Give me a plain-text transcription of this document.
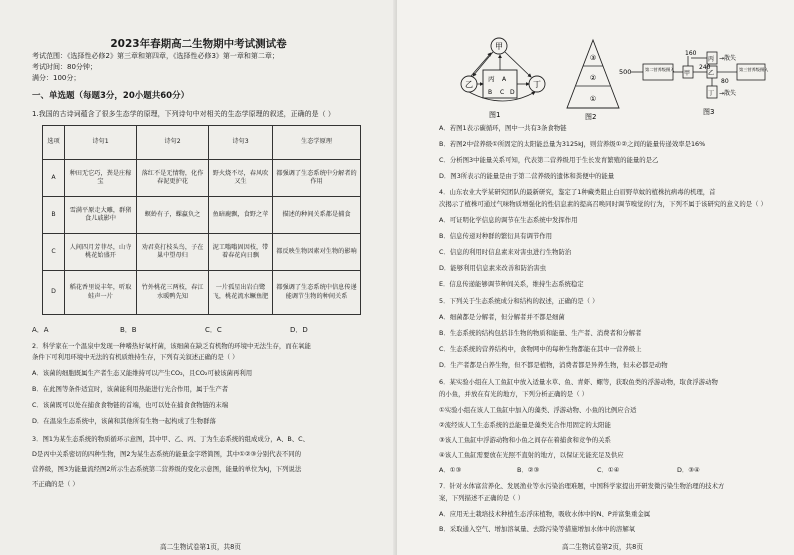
2023年春期高二生物期中考试测试卷
考试范围：《选择性必修2》第三章和第四章，《选择性必修3》第一章和第二章；
考试时间：80分钟；
满分：100分；
一、单选题（每题3分，20小题共60分）
1.我国的古诗词蕴含了很多生态学的原理，下列诗句中对相关的生态学原理的叙述，正确的是（ ）
选项	诗句1	诗句2	诗句3	生态学原理
A	种田无它巧，粪是庄稼宝	落红不是无情物，化作春泥更护花	野火烧不尽，春风吹又生	都强调了生态系统中分解者的作用
B	雪满平原走大雕，群猪食儿戚影中	螟蛉有子，蜾蠃负之	鱼暗鹿飘，食野之苹	描述的种间关系都是捕食
C	人间四月芳菲尽，山寺桃花始盛开	劝君莫打枝头鸟，子在巢中望母归	泥工嗡嗡固因枝，带着春花向日飘	都反映生物因素对生物的影响
D	稻花香里说丰年，听取蛙声一片	竹外桃花三两枝，春江水暖鸭先知	一片孤星出岩白鹭飞，桃花流水鳜鱼肥	都强调了生态系统中信息传递能调节生物的种间关系
A．A	B．B	C．C	D．D
2．科学家在一个温泉中发现一种嗜热好氧杆菌，该细菌在缺乏有机物的环境中无法生存，而在氧能
条件下可利用环境中无法的有机质维持生存，下列有关叙述正确的是（ ）
A．该菌的细胞既属生产者生态又能维持可以产生CO₂，且CO₂可被该菌再利用
B．在此图等条件适宜时，该菌能利用热能进行光合作用，属于生产者
C．该菌既可以处在捕食食物链的首端，也可以处在捕食食物链的末端
D．在温泉生态系统中，该菌和其他所有生物一起构成了生物群落
3．图1为某生态系统的物质循环示意图，其中甲、乙、丙、丁为生态系统的组成成分，A、B、C、
D是丙中关系密切的四种生物，图2为某生态系统的能量金字塔简图，其中①②③分别代表不同的
营养级，图3为能量流经图2所示生态系统第二营养级的变化示意图，能量的单位为kJ，下列说法
不正确的是（ ）
高二生物试卷第1页，共8页
甲
乙	丁
丙 A
B C D
图1
③
②
①
图2
500	第二营养级摄入
甲	乙
240
160
丙 →散失
第三营养级摄入
80
丁 →散失
图3
A．若图1表示碳循环，图中一共有3条食物链
B．若图2中营养级①所固定的太阳能总量为3125kJ，则营养级①②之间的能量传递效率是16%
C．分析图3中能量关系可知，代表第二营养级用于生长发育繁殖的能量的是乙
D．图3所表示的能量是由于第二营养级的遗体和粪便中的能量
4．山东农业大学某研究团队的最新研究，鉴定了1种藏类阻止白眉野草蚊的植株抗病毒的机理，首
次揭示了植株可通过气味物质增强化的性信息素的提高召唤同时调节嗅觉的行为，下列不属于该研究的意义的是（ ）
A．可证明化学信息的调节在生态系统中发挥作用
B．信息传递对种群的繁衍具有调节作用
C．信息的利用时信息素来对害虫进行生物防治
D．能够利用信息素来改善和防治害虫
E．信息传递能够调节种间关系，维持生态系统稳定
5．下列关于生态系统成分和结构的叙述，正确的是（ ）
A．细菌都是分解者，但分解者并不都是细菌
B．生态系统的结构包括非生物的物质和能量、生产者、消费者和分解者
C．生态系统的营养结构中，食物网中的每种生物都能在其中一营养级上
D．生产者都是自养生物，但不都是植物，消费者都是异养生物，但未必都是动物
6．某实验小组在人工鱼缸中放入适量水草、鱼、青虾、螺等，获取鱼类的浮游动物，取食浮游动物
的小鱼，并放在有光的地方，下列分析正确的是（ ）
①实验小组在该人工鱼缸中加入的藻类、浮游动物、小鱼的比例应合适
②流经该人工生态系统的总能量是藻类光合作用固定的太阳能
③该人工鱼缸中浮游动物和小鱼之间存在着捕食和竞争的关系
④该人工鱼缸需要放在光照不直射的地方，以保证光能充足及供应
A．①③	B．②③	C．①④	D．③④
7．针对水体富营养化、发展渔业等水污染治理难题，中国科学家提出开研发微污染生物治理的技术方
案，下列描述不正确的是（ ）
A．应用无土栽培技术种植生态浮床植物，吸收水体中的N、P并富集重金属
B．采取通入空气、增加溶氧量、去除污染等措施增加水体中的溶解氧
高二生物试卷第2页，共8页
